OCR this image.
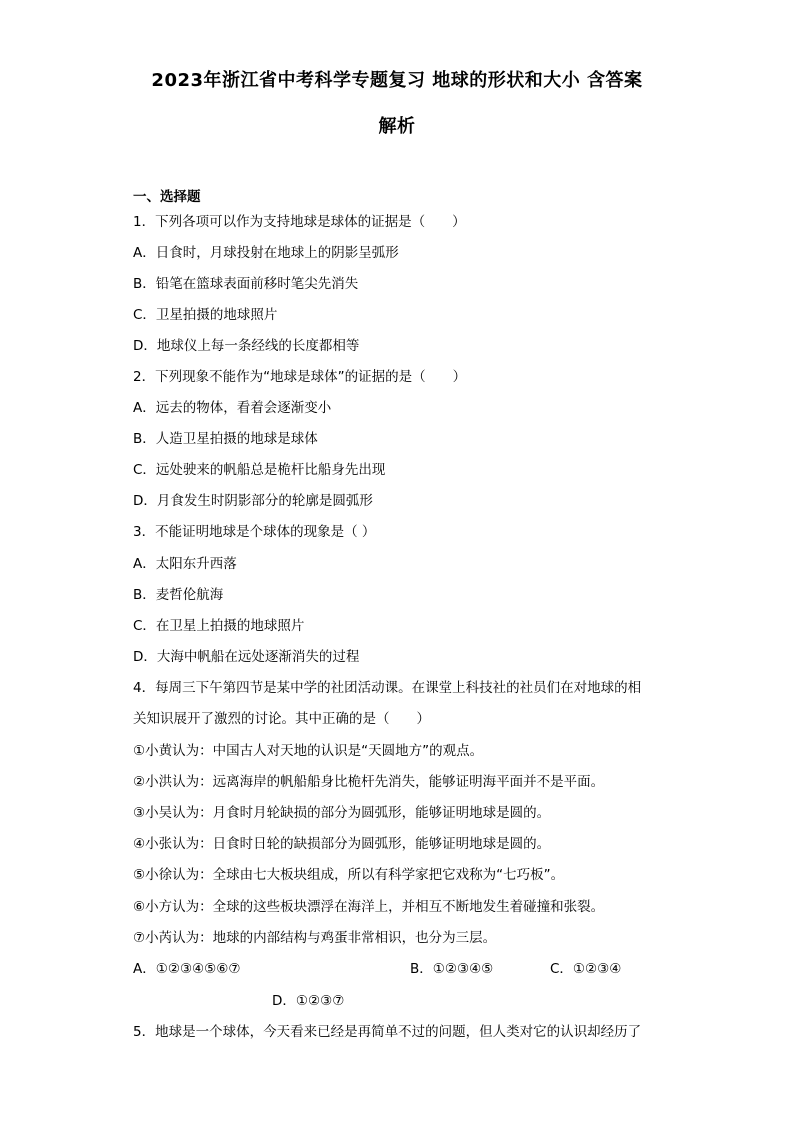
2023年浙江省中考科学专题复习 地球的形状和大小 含答案
解析
一、选择题
1．下列各项可以作为支持地球是球体的证据是（　　）
A．日食时，月球投射在地球上的阴影呈弧形
B．铅笔在篮球表面前移时笔尖先消失
C．卫星拍摄的地球照片
D．地球仪上每一条经线的长度都相等
2．下列现象不能作为“地球是球体”的证据的是（　　）
A．远去的物体，看着会逐渐变小
B．人造卫星拍摄的地球是球体
C．远处驶来的帆船总是桅杆比船身先出现
D．月食发生时阴影部分的轮廓是圆弧形
3．不能证明地球是个球体的现象是（ ）
A．太阳东升西落
B．麦哲伦航海
C．在卫星上拍摄的地球照片
D．大海中帆船在远处逐渐消失的过程
4．每周三下午第四节是某中学的社团活动课。在课堂上科技社的社员们在对地球的相
关知识展开了激烈的讨论。其中正确的是（　　）
①小黄认为：中国古人对天地的认识是“天圆地方”的观点。
②小洪认为：远离海岸的帆船船身比桅杆先消失，能够证明海平面并不是平面。
③小吴认为：月食时月轮缺损的部分为圆弧形，能够证明地球是圆的。
④小张认为：日食时日轮的缺损部分为圆弧形，能够证明地球是圆的。
⑤小徐认为：全球由七大板块组成，所以有科学家把它戏称为“七巧板”。
⑥小方认为：全球的这些板块漂浮在海洋上，并相互不断地发生着碰撞和张裂。
⑦小芮认为：地球的内部结构与鸡蛋非常相识，也分为三层。
A．①②③④⑤⑥⑦	B．①②③④⑤	C．①②③④
D．①②③⑦
5．地球是一个球体，今天看来已经是再简单不过的问题，但人类对它的认识却经历了
